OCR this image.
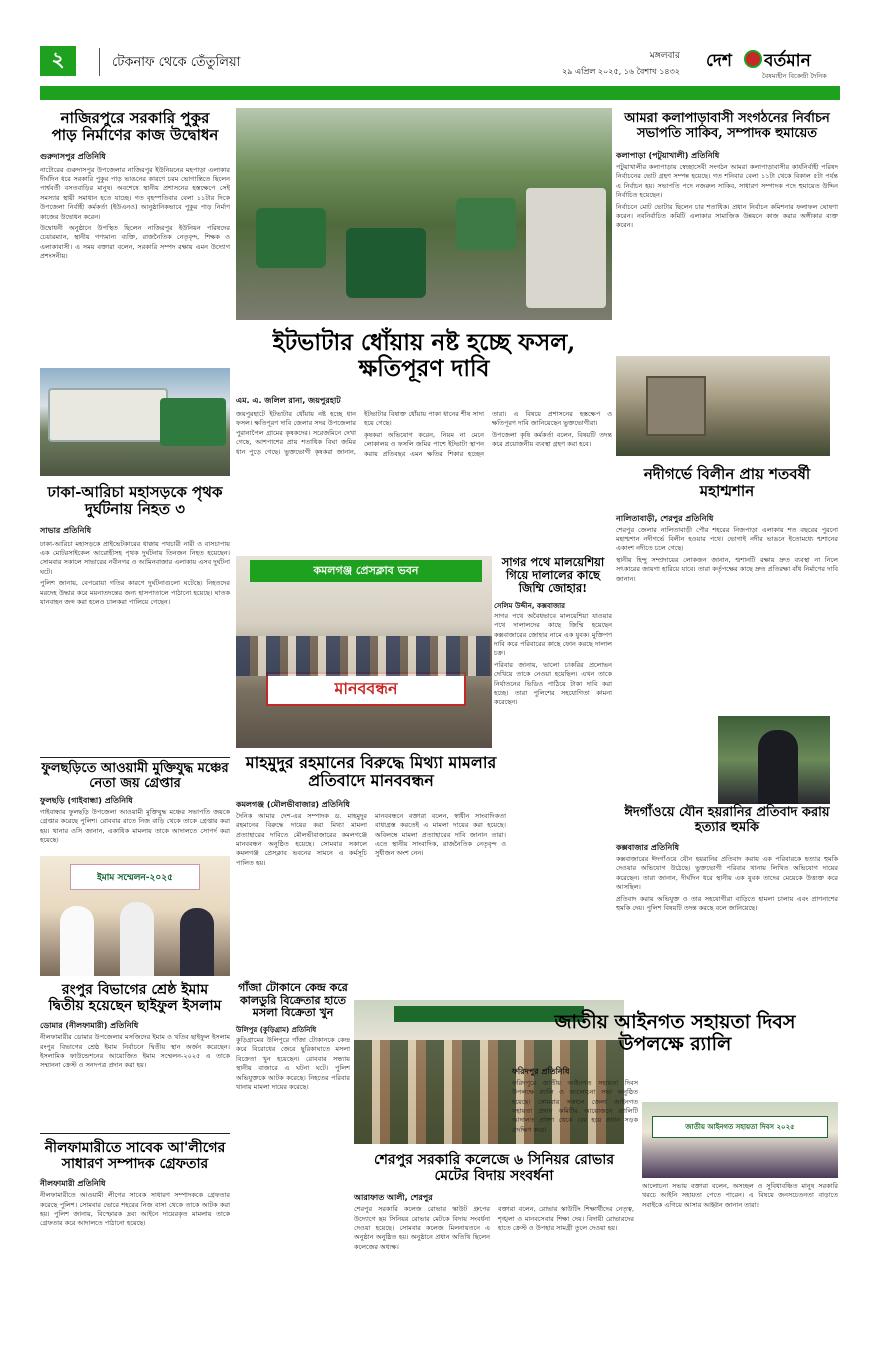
২	টেকনাফ থেকে তেঁতুলিয়া	মঙ্গলবার
২৯ এপ্রিল ২০২৫, ১৬ বৈশাখ ১৪৩২
দেশ বর্তমান
বৈষম্যহীন বিকেন্দ্রী দৈনিক
নাজিরপুরে সরকারি পুকুর পাড় নির্মাণের কাজ উদ্বোধন
গুরুদাসপুর প্রতিনিধি

নাটোরের গুরুদাসপুর উপজেলার নাজিরপুর ইউনিয়নের মহপাড়া এলাকার দীর্ঘদিন ধরে সরকারি পুকুর পাড় ভাঙনের কারণে চরম ভোগান্তিতে ছিলেন পার্শ্ববর্তী বসতবাড়ির মানুষ। অবশেষে স্থানীয় প্রশাসনের হস্তক্ষেপে সেই সমস্যার স্থায়ী সমাধান হতে যাচ্ছে। গত বৃহস্পতিবার বেলা ১১টার দিকে উপজেলা নির্বাহী কর্মকর্তা (ইউএনও) আনুষ্ঠানিকভাবে পুকুর পাড় নির্মাণ কাজের উদ্বোধন করেন।

উদ্বোধনী অনুষ্ঠানে উপস্থিত ছিলেন নাজিরপুর ইউনিয়ন পরিষদের চেয়ারম্যান, স্থানীয় গণ্যমান্য ব্যক্তি, রাজনৈতিক নেতৃবৃন্দ, শিক্ষক ও এলাকাবাসী। এ সময় বক্তারা বলেন, সরকারি সম্পদ রক্ষায় এমন উদ্যোগ প্রশংসনীয়।

ঢাকা-আরিচা মহাসড়কে পৃথক দুর্ঘটনায় নিহত ৩
সাভার প্রতিনিধি

ঢাকা-আরিচা মহাসড়কে প্রাইভেটকারের ধাক্কায় পথচারী নারী ও বাসচাপায় এক মোটরসাইকেল আরোহীসহ পৃথক দুর্ঘটনায় তিনজন নিহত হয়েছেন। সোমবার সকালে সাভারের নবীনগর ও আমিনবাজার এলাকায় এসব দুর্ঘটনা ঘটে।

পুলিশ জানায়, বেপরোয়া গতির কারণে দুর্ঘটনাগুলো ঘটেছে। নিহতদের মরদেহ উদ্ধার করে ময়নাতদন্তের জন্য হাসপাতালে পাঠানো হয়েছে। ঘাতক যানবাহন জব্দ করা হলেও চালকরা পালিয়ে গেছেন।

ফুলছড়িতে আওয়ামী মুক্তিযুদ্ধ মঞ্চের নেতা জয় গ্রেপ্তার
ফুলছড়ি (গাইবান্ধা) প্রতিনিধি

গাইবান্ধার ফুলছড়ি উপজেলা আওয়ামী মুক্তিযুদ্ধ মঞ্চের সভাপতি জয়কে গ্রেপ্তার করেছে পুলিশ। রোববার রাতে নিজ বাড়ি থেকে তাকে গ্রেপ্তার করা হয়। থানার ওসি জানান, একাধিক মামলায় তাকে আদালতে সোপর্দ করা হয়েছে।

ইমাম সম্মেলন-২০২৫
রংপুর বিভাগের শ্রেষ্ঠ ইমাম দ্বিতীয় হয়েছেন ছাইফুল ইসলাম
ডোমার (নীলফামারী) প্রতিনিধি

নীলফামারীর ডোমার উপজেলার মসজিদের ইমাম ও খতিব ছাইফুল ইসলাম রংপুর বিভাগের শ্রেষ্ঠ ইমাম নির্বাচনে দ্বিতীয় স্থান অর্জন করেছেন। ইসলামিক ফাউন্ডেশনের আয়োজিত ইমাম সম্মেলন-২০২৫ এ তাকে সম্মাননা ক্রেস্ট ও সনদপত্র প্রদান করা হয়।

নীলফামারীতে সাবেক আ'লীগের সাধারণ সম্পাদক গ্রেফতার
নীলফামারী প্রতিনিধি

নীলফামারীতে আওয়ামী লীগের সাবেক সাধারণ সম্পাদককে গ্রেফতার করেছে পুলিশ। সোমবার ভোরে শহরের নিজ বাসা থেকে তাকে আটক করা হয়। পুলিশ জানায়, বিস্ফোরক দ্রব্য আইনে দায়েরকৃত মামলায় তাকে গ্রেফতার করে আদালতে পাঠানো হয়েছে।

ইটভাটার ধোঁয়ায় নষ্ট হচ্ছে ফসল, ক্ষতিপূরণ দাবি
এম. এ. জলিল রানা, জয়পুরহাট

জয়পুরহাটে ইটভাটার ধোঁয়ায় নষ্ট হচ্ছে ধান ফসল। ক্ষতিপূরণ দাবি জেলার সদর উপজেলার পুরানাপৈল গ্রামের কৃষকদের। সরেজমিনে দেখা গেছে, আশপাশের প্রায় শতাধিক বিঘা জমির ধান পুড়ে গেছে। ভুক্তভোগী কৃষকরা জানান, ইটভাটার বিষাক্ত ধোঁয়ায় পাকা ধানের শীষ সাদা হয়ে গেছে।

কৃষকরা অভিযোগ করেন, নিয়ম না মেনে লোকালয় ও ফসলি জমির পাশে ইটভাটা স্থাপন করায় প্রতিবছর এমন ক্ষতির শিকার হচ্ছেন তারা। এ বিষয়ে প্রশাসনের হস্তক্ষেপ ও ক্ষতিপূরণ দাবি জানিয়েছেন ভুক্তভোগীরা।

উপজেলা কৃষি কর্মকর্তা বলেন, বিষয়টি তদন্ত করে প্রয়োজনীয় ব্যবস্থা গ্রহণ করা হবে।

কমলগঞ্জ প্রেসক্লাব ভবন
মানববন্ধন
সাগর পথে মালয়েশিয়া গিয়ে দালালের কাছে জিম্মি জোহার!
সেলিম উদ্দীন, কক্সবাজার

সাগর পথে অবৈধভাবে মালয়েশিয়া যাওয়ার পথে দালালদের কাছে জিম্মি হয়েছেন কক্সবাজারের জোহার নামে এক যুবক। মুক্তিপণ দাবি করে পরিবারের কাছে ফোন করছে দালাল চক্র।

পরিবার জানায়, ভালো চাকরির প্রলোভন দেখিয়ে তাকে নেওয়া হয়েছিল। এখন তাকে নির্যাতনের ভিডিও পাঠিয়ে টাকা দাবি করা হচ্ছে। তারা পুলিশের সহযোগিতা কামনা করেছেন।

মাহমুদুর রহমানের বিরুদ্ধে মিথ্যা মামলার প্রতিবাদে মানববন্ধন
কমলগঞ্জ (মৌলভীবাজার) প্রতিনিধি

দৈনিক আমার দেশ-এর সম্পাদক ড. মাহমুদুর রহমানের বিরুদ্ধে দায়ের করা মিথ্যা মামলা প্রত্যাহারের দাবিতে মৌলভীবাজারের কমলগঞ্জে মানববন্ধন অনুষ্ঠিত হয়েছে। সোমবার সকালে কমলগঞ্জ প্রেসক্লাব ভবনের সামনে এ কর্মসূচি পালিত হয়।

মানববন্ধনে বক্তারা বলেন, স্বাধীন সাংবাদিকতা বাধাগ্রস্ত করতেই এ মামলা দায়ের করা হয়েছে। অবিলম্বে মামলা প্রত্যাহারের দাবি জানান তারা। এতে স্থানীয় সাংবাদিক, রাজনৈতিক নেতৃবৃন্দ ও সুধীজন অংশ নেন।

গাঁজা টোকানে কেন্দ্র করে কালডুরি বিক্রেতার হাতে মসলা বিক্রেতা খুন
উলিপুর (কুড়িগ্রাম) প্রতিনিধি

কুড়িগ্রামের উলিপুরে গাঁজা টোকানকে কেন্দ্র করে বিরোধের জেরে ছুরিকাঘাতে মসলা বিক্রেতা খুন হয়েছেন। রোববার সন্ধ্যায় স্থানীয় বাজারে এ ঘটনা ঘটে। পুলিশ অভিযুক্তকে আটক করেছে। নিহতের পরিবার থানায় মামলা দায়ের করেছে।

শেরপুর সরকারি কলেজে ৬ সিনিয়র রোভার মেটের বিদায় সংবর্ধনা
আরাফাত আলী, শেরপুর

শেরপুর সরকারি কলেজ রোভার স্কাউট গ্রুপের উদ্যোগে ছয় সিনিয়র রোভার মেটকে বিদায় সংবর্ধনা দেওয়া হয়েছে। সোমবার কলেজ মিলনায়তনে এ অনুষ্ঠান অনুষ্ঠিত হয়। অনুষ্ঠানে প্রধান অতিথি ছিলেন কলেজের অধ্যক্ষ।

বক্তারা বলেন, রোভার স্কাউটিং শিক্ষার্থীদের নেতৃত্ব, শৃঙ্খলা ও মানবসেবার শিক্ষা দেয়। বিদায়ী রোভারদের হাতে ক্রেস্ট ও উপহার সামগ্রী তুলে দেওয়া হয়।

আমরা কলাপাড়াবাসী সংগঠনের নির্বাচন সভাপতি সাকিব, সম্পাদক হুমায়েত
কলাপাড়া (পটুয়াখালী) প্রতিনিধি

পটুয়াখালীর কলাপাড়ায় স্বেচ্ছাসেবী সংগঠন আমরা কলাপাড়াবাসীর কার্যনির্বাহী পরিষদ নির্বাচনের ভোট গ্রহণ সম্পন্ন হয়েছে। গত শনিবার বেলা ১১টা থেকে বিকাল ৫টা পর্যন্ত এ নির্বাচন হয়। সভাপতি পদে নজরুল সাকিব, সাধারণ সম্পাদক পদে হুমায়েত উদ্দিন নির্বাচিত হয়েছেন।

নির্বাচনে মোট ভোটার ছিলেন চার শতাধিক। প্রধান নির্বাচন কমিশনার ফলাফল ঘোষণা করেন। নবনির্বাচিত কমিটি এলাকার সামাজিক উন্নয়নে কাজ করার অঙ্গীকার ব্যক্ত করেন।

নদীগর্ভে বিলীন প্রায় শতবর্ষী মহাশ্মশান
নালিতাবাড়ী, শেরপুর প্রতিনিধি

শেরপুর জেলার নালিতাবাড়ী পৌর শহরের নিজপাড়া এলাকায় শত বছরের পুরনো মহাশ্মশান নদীগর্ভে বিলীন হওয়ার পথে। ভোগাই নদীর ভাঙনে ইতোমধ্যে শ্মশানের একাংশ নদীতে চলে গেছে।

স্থানীয় হিন্দু সম্প্রদায়ের লোকজন জানান, শ্মশানটি রক্ষায় দ্রুত ব্যবস্থা না নিলে সৎকারের জায়গা হারিয়ে যাবে। তারা কর্তৃপক্ষের কাছে দ্রুত প্রতিরক্ষা বাঁধ নির্মাণের দাবি জানান।

ঈদগাঁওয়ে যৌন হয়রানির প্রতিবাদ করায় হত্যার হুমকি
কক্সবাজার প্রতিনিধি

কক্সবাজারের ঈদগাঁওয়ে যৌন হয়রানির প্রতিবাদ করায় এক পরিবারকে হত্যার হুমকি দেওয়ার অভিযোগ উঠেছে। ভুক্তভোগী পরিবার থানায় লিখিত অভিযোগ দায়ের করেছেন। তারা জানান, দীর্ঘদিন ধরে স্থানীয় এক যুবক তাদের মেয়েকে উত্ত্যক্ত করে আসছিল।

প্রতিবাদ করায় অভিযুক্ত ও তার সহযোগীরা বাড়িতে হামলা চালায় এবং প্রাণনাশের হুমকি দেয়। পুলিশ বিষয়টি তদন্ত করছে বলে জানিয়েছে।

জাতীয় আইনগত সহায়তা দিবস উপলক্ষে র‍্যালি
ফরিদপুর প্রতিনিধি

ফরিদপুরে জাতীয় আইনগত সহায়তা দিবস উপলক্ষে র‍্যালি ও আলোচনা সভা অনুষ্ঠিত হয়েছে। সোমবার সকালে জেলা আইনগত সহায়তা প্রদান কমিটির আয়োজনে র‍্যালিটি আদালত প্রাঙ্গণ থেকে বের হয়ে প্রধান সড়ক প্রদক্ষিণ করে।	জাতীয় আইনগত সহায়তা দিবস ২০২৫

আলোচনা সভায় বক্তারা বলেন, অসচ্ছল ও সুবিধাবঞ্চিত মানুষ সরকারি খরচে আইনি সহায়তা পেতে পারেন। এ বিষয়ে জনসচেতনতা বাড়াতে সবাইকে এগিয়ে আসার আহ্বান জানান তারা।
